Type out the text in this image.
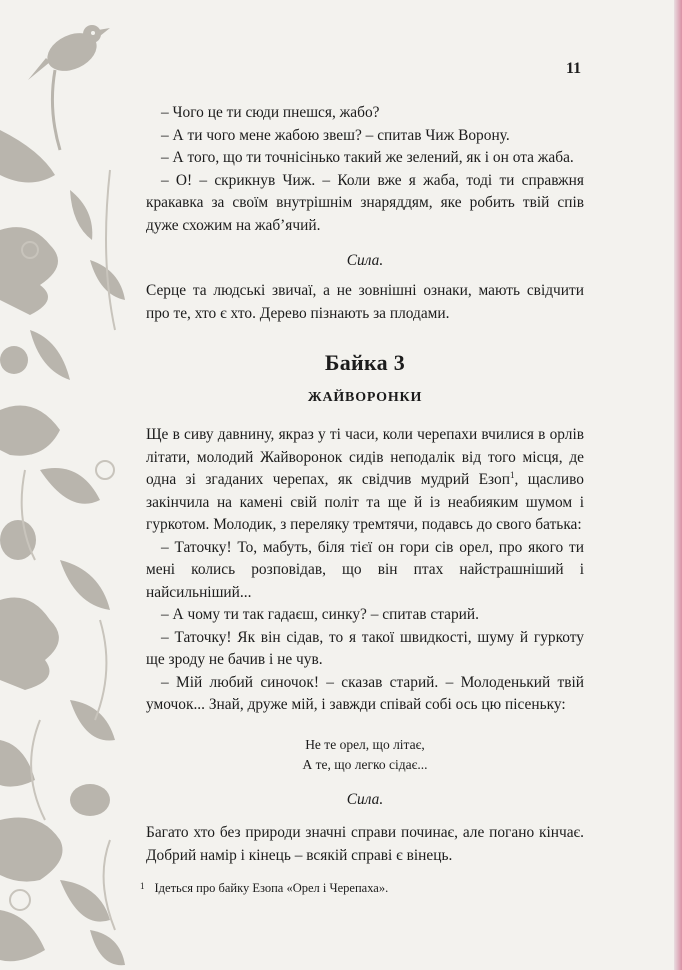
11

– Чого це ти сюди пнешся, жабо?

– А ти чого мене жабою звеш? – спитав Чиж Ворону.

– А того, що ти точнісінько такий же зелений, як і он ота жаба.

– О! – скрикнув Чиж. – Коли вже я жаба, тоді ти справжня кракавка за своїм внутрішнім знаряддям, яке робить твій спів дуже схожим на жаб’ячий.

Сила.

Серце та людські звичаї, а не зовнішні ознаки, мають свідчити про те, хто є хто. Дерево пізнають за плодами.

Байка 3

ЖАЙВОРОНКИ

Ще в сиву давнину, якраз у ті часи, коли черепахи вчилися в орлів літати, молодий Жайворонок сидів неподалік від того місця, де одна зі згаданих черепах, як свідчив мудрий Езоп$^1$, щасливо закінчила на камені свій політ та ще й із неабияким шумом і гуркотом. Молодик, з переляку тремтячи, подавсь до свого батька:

– Таточку! То, мабуть, біля тієї он гори сів орел, про якого ти мені колись розповідав, що він птах найстрашніший і найсильніший...

– А чому ти так гадаєш, синку? – спитав старий.

– Таточку! Як він сідав, то я такої швидкості, шуму й гуркоту ще зроду не бачив і не чув.

– Мій любий синочок! – сказав старий. – Молоденький твій умочок... Знай, друже мій, і завжди співай собі ось цю пісеньку:

Не те орел, що літає,

А те, що легко сідає...

Сила.

Багато хто без природи значні справи починає, але погано кінчає. Добрий намір і кінець – всякій справі є вінець.

$^1$ Ідеться про байку Езопа «Орел і Черепаха».
